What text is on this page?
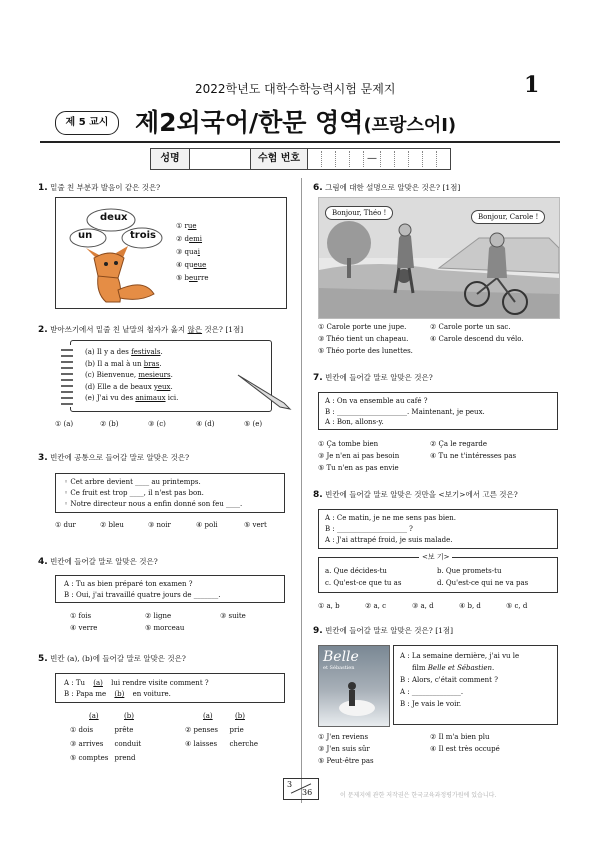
2022학년도 대학수학능력시험 문제지	1
제 5 교시	제2외국어/한문 영역(프랑스어Ⅰ)
성명	수험 번호	—
1. 밑줄 친 부분과 발음이 같은 것은?
deux
un	trois
① rue
② demi
③ quai
④ queue
⑤ beurre
2. 받아쓰기에서 밑줄 친 낱말의 철자가 옳지 않은 것은? [1점]
(a) Il y a des festivals.
(b) Il a mal à un bras.
(c) Bienvenue, mesieurs.
(d) Elle a de beaux yeux.
(e) J'ai vu des animaux ici.
① (a)	② (b)	③ (c)	④ (d)	⑤ (e)
3. 빈칸에 공통으로 들어갈 말로 알맞은 것은?
◦ Cet arbre devient ____ au printemps.
◦ Ce fruit est trop ____, il n'est pas bon.
◦ Notre directeur nous a enfin donné son feu ____.
① dur	② bleu	③ noir	④ poli	⑤ vert
4. 빈칸에 들어갈 말로 알맞은 것은?
A : Tu as bien préparé ton examen ?
B : Oui, j'ai travaillé quatre jours de _______.
① fois	② ligne	③ suite
④ verre	⑤ morceau
5. 빈칸 (a), (b)에 들어갈 말로 알맞은 것은?
A : Tu (a) lui rendre visite comment ?
B : Papa me (b) en voiture.
(a)	(b)	(a)	(b)
① dois	prête	② penses prie
③ arrives conduit	④ laisses cherche
⑤ comptes prend
6. 그림에 대한 설명으로 알맞은 것은? [1점]
Bonjour, Théo !	Bonjour, Carole !
① Carole porte une jupe.	② Carole porte un sac.
③ Théo tient un chapeau.	④ Carole descend du vélo.
⑤ Théo porte des lunettes.
7. 빈칸에 들어갈 말로 알맞은 것은?
A : On va ensemble au café ?
B : ____________________. Maintenant, je peux.
A : Bon, allons-y.
① Ça tombe bien	② Ça le regarde
③ Je n'en ai pas besoin	④ Tu ne t'intéresses pas
⑤ Tu n'en as pas envie
8. 빈칸에 들어갈 말로 알맞은 것만을 <보기>에서 고른 것은?
A : Ce matin, je ne me sens pas bien.
B : ____________________ ?
A : J'ai attrapé froid, je suis malade.
<보 기>
a. Que décides-tu	b. Que promets-tu
c. Qu'est-ce que tu as	d. Qu'est-ce qui ne va pas
① a, b	② a, c	③ a, d	④ b, d	⑤ c, d
9. 빈칸에 들어갈 말로 알맞은 것은? [1점]
Belle
et Sébastien
A : La semaine dernière, j'ai vu le
film Belle et Sébastien.
B : Alors, c'était comment ?
A : ______________.
B : Je vais le voir.
① J'en reviens	② Il m'a bien plu
③ J'en suis sûr	④ Il est très occupé
⑤ Peut-être pas
3
36	이 문제지에 관한 저작권은 한국교육과정평가원에 있습니다.
